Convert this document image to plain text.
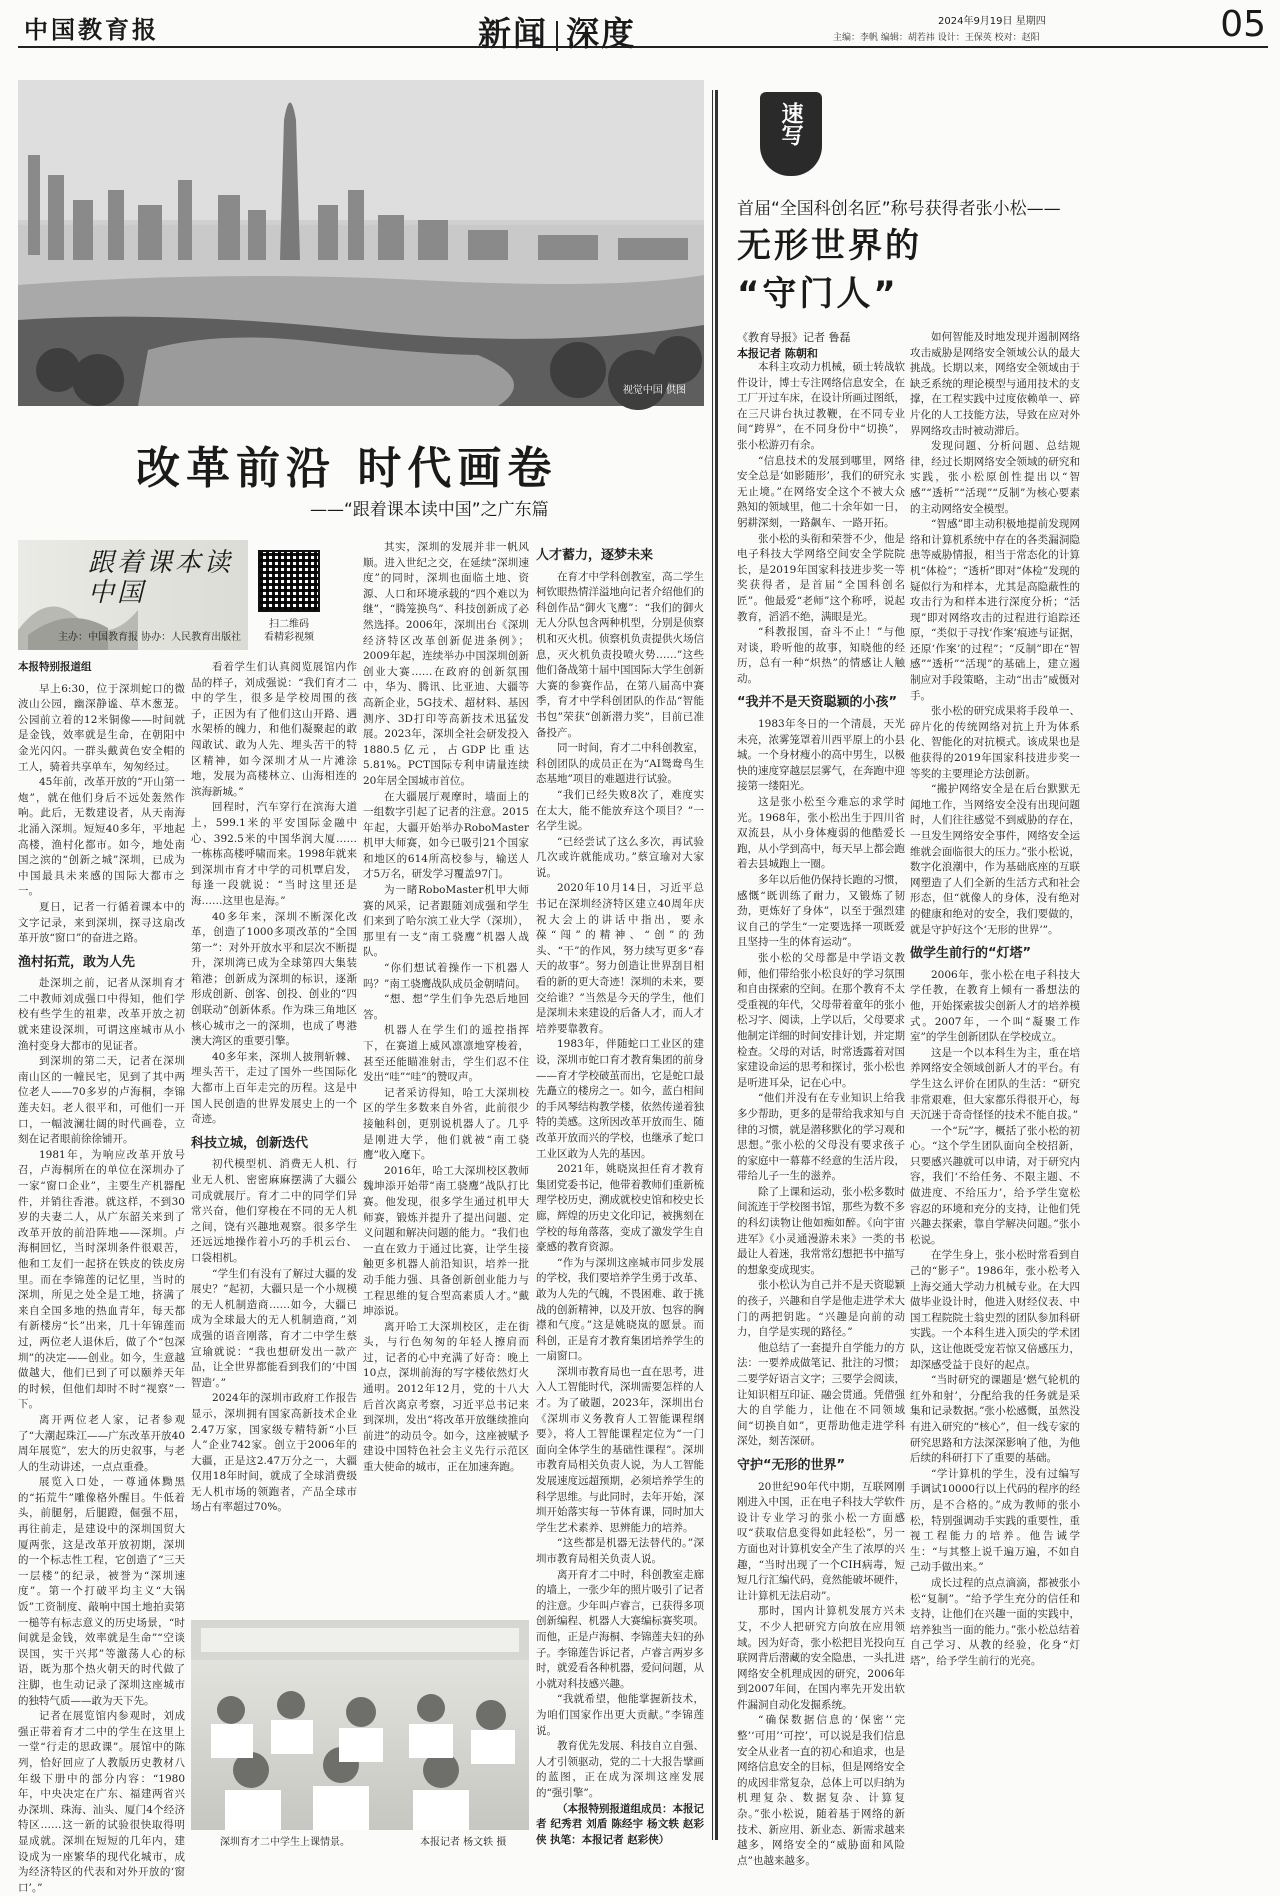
中国教育报	新闻 深度	2024年9月19日 星期四
主编：李帆 编辑：胡若祎 设计：王保英 校对：赵阳	05
视觉中国 供图
改革前沿 时代画卷
——“跟着课本读中国”之广东篇
跟着课本读中国
主办：中国教育报 协办：人民教育出版社
扫二维码 看精彩视频
本报特别报道组

早上6:30，位于深圳蛇口的微波山公园，幽深静谧、草木葱茏。公园前立着的12米铜像——时间就是金钱，效率就是生命，在朝阳中金光闪闪。一群头戴黄色安全帽的工人，骑着共享单车，匆匆经过。

45年前，改革开放的“开山第一炮”，就在他们身后不远处轰然作响。此后，无数建设者，从天南海北涌入深圳。短短40多年，平地起高楼，渔村化都市。如今，地处南国之滨的“创新之城”深圳，已成为中国最具未来感的国际大都市之一。

夏日，记者一行循着课本中的文字记录，来到深圳，探寻这扇改革开放“窗口”的奋进之路。

渔村拓荒，敢为人先

赴深圳之前，记者从深圳育才二中教师刘成强口中得知，他们学校有些学生的祖辈，改革开放之初就来建设深圳，可谓这座城市从小渔村变身大都市的见证者。

到深圳的第二天，记者在深圳南山区的一幢民宅，见到了其中两位老人——70多岁的卢海桐，李锦莲夫妇。老人很平和，可他们一开口，一幅波澜壮阔的时代画卷，立刻在记者眼前徐徐铺开。

1981年，为响应改革开放号召，卢海桐所在的单位在深圳办了一家“窗口企业”，主要生产机器配件，并销往香港。就这样，不到30岁的夫妻二人，从广东韶关来到了改革开放的前沿阵地——深圳。卢海桐回忆，当时深圳条件很艰苦，他和工友们一起挤在铁皮的铁皮房里。而在李锦莲的记忆里，当时的深圳，所见之处全是工地，挤满了来自全国多地的热血青年，每天都有新楼房“长”出来，几十年锦莲而过，两位老人退休后，做了个“包深圳”的决定——创业。如今，生意越做越大，他们已到了可以颐养天年的时候，但他们却时不时“视察”一下。

离开两位老人家，记者参观了“大潮起珠江——广东改革开放40周年展览”，宏大的历史叙事，与老人的生动讲述，一点点重叠。

展览入口处，一尊通体黝黑的“拓荒牛”雕像格外醒目。牛低着头，前腿躬，后腿蹬，倔强不屈，再往前走，是建设中的深圳国贸大厦两张，这是改革开放初期，深圳的一个标志性工程，它创造了“三天一层楼”的纪录，被誉为“深圳速度”。第一个打破平均主义“大锅饭”工资制度、敲响中国土地拍卖第一槌等有标志意义的历史场景，“时间就是金钱，效率就是生命”“空谈误国，实干兴邦”等激荡人心的标语，既为那个热火朝天的时代做了注脚，也生动记录了深圳这座城市的独特气质——敢为天下先。

记者在展览馆内参观时，刘成强正带着育才二中的学生在这里上一堂“行走的思政课”。展馆中的陈列，恰好回应了人教版历史教材八年级下册中的部分内容：“1980年，中央决定在广东、福建两省兴办深圳、珠海、汕头、厦门4个经济特区……这一新的试验很快取得明显成就。深圳在短短的几年内，建设成为一座繁华的现代化城市，成为经济特区的代表和对外开放的‘窗口’。”

看着学生们认真阅览展馆内作品的样子，刘成强说：“我们育才二中的学生，很多是学校周围的孩子，正因为有了他们这山开路、遇水架桥的魄力，和他们凝聚起的敢闯敢试、敢为人先、埋头苦干的特区精神，如今深圳才从一片滩涂地，发展为高楼林立、山海相连的滨海新城。”

回程时，汽车穿行在滨海大道上，599.1米的平安国际金融中心、392.5米的中国华润大厦……一栋栋高楼呼啸而来。1998年就来到深圳市育才中学的司机覃启发，每逢一段就说：“当时这里还是海……这里也是海。”

40多年来，深圳不断深化改革，创造了1000多项改革的“全国第一”：对外开放水平和层次不断提升，深圳湾已成为全球第四大集装箱港；创新成为深圳的标识，逐渐形成创新、创客、创投、创业的“四创联动”创新体系。作为珠三角地区核心城市之一的深圳，也成了粤港澳大湾区的重要引擎。

40多年来，深圳人披荆斩棘、埋头苦干，走过了国外一些国际化大都市上百年走完的历程。这是中国人民创造的世界发展史上的一个奇迹。

科技立城，创新迭代

初代模型机、消费无人机、行业无人机、密密麻麻摆满了大疆公司成就展厅。育才二中的同学们异常兴奋，他们穿梭在不同的无人机之间，饶有兴趣地观察。很多学生还远远地操作着小巧的手机云台、口袋相机。

“学生们有没有了解过大疆的发展史？”起初，大疆只是一个小规模的无人机制造商……如今，大疆已成为全球最大的无人机制造商，”刘成强的语音刚落，育才二中学生蔡宣瑜就说：“我也想研发出一款产品，让全世界都能看到我们的‘中国智造’。”

2024年的深圳市政府工作报告显示，深圳拥有国家高新技术企业2.47万家，国家级专精特新“小巨人”企业742家。创立于2006年的大疆，正是这2.47万分之一，大疆仅用18年时间，就成了全球消费级无人机市场的领跑者，产品全球市场占有率超过70%。

其实，深圳的发展并非一帆风顺。进入世纪之交，在延续“深圳速度”的同时，深圳也面临土地、资源、人口和环境承载的“四个难以为继”，“腾笼换鸟”、科技创新成了必然选择。2006年，深圳出台《深圳经济特区改革创新促进条例》；2009年起，连续举办中国深圳创新创业大赛……在政府的创新氛围中，华为、腾讯、比亚迪、大疆等高新企业，5G技术、超材料、基因测序、3D打印等高新技术迅猛发展。2023年，深圳全社会研发投入1880.5亿元，占GDP比重达5.81%。PCT国际专利申请量连续20年居全国城市首位。

在大疆展厅观摩时，墙面上的一组数字引起了记者的注意。2015年起，大疆开始举办RoboMaster机甲大师赛，如今已吸引21个国家和地区的614所高校参与，输送人才5万名，研发学习覆盖97门。

为一睹RoboMaster机甲大师赛的风采，记者跟随刘成强和学生们来到了哈尔滨工业大学（深圳），那里有一支“南工骁鹰”机器人战队。

“你们想试着操作一下机器人吗？”南工骁鹰战队成员金朝晴问。

“想、想”学生们争先恐后地回答。

机器人在学生们的遥控指挥下，在赛道上威风凛凛地穿梭着，甚至还能瞄准射击，学生们忍不住发出“哇”“哇”的赞叹声。

记者采访得知，哈工大深圳校区的学生多数来自外省，此前很少接触科创，更别说机器人了。几乎是刚进大学，他们就被“南工骁鹰”收入麾下。

2016年，哈工大深圳校区教师魏坤添开始带“南工骁鹰”战队打比赛。他发现，很多学生通过机甲大师赛，锻炼并提升了提出问题、定义问题和解决问题的能力。“我们也一直在致力于通过比赛，让学生接触更多机器人前沿知识，培养一批动手能力强、具备创新创业能力与工程思维的复合型高素质人才。”戴坤添说。

离开哈工大深圳校区，走在街头，与行色匆匆的年轻人擦肩而过，记者的心中充满了好奇：晚上10点，深圳前海的写字楼依然灯火通明。2012年12月，党的十八大后首次离京考察，习近平总书记来到深圳，发出“将改革开放继续推向前进”的动员令。如今，这座被赋予建设中国特色社会主义先行示范区重大使命的城市，正在加速奔跑。

人才蓄力，逐梦未来

在育才中学科创教室，高二学生柯钦眼热情洋溢地向记者介绍他们的科创作品“御火飞鹰”：“我们的御火无人分队包含两种机型，分别是侦察机和灭火机。侦察机负责提供火场信息，灭火机负责投喷火势……”这些他们备战第十届中国国际大学生创新大赛的参赛作品，在第八届高中赛季，育才中学科创团队的作品“智能书包”荣获“创新潜力奖”，目前已准备投产。

同一时间，育才二中科创教室，科创团队的成员正在为“AI鸳鸯鸟生态基地”项目的难题进行试验。

“我们已经失败8次了，难度实在太大，能不能放弃这个项目？”一名学生说。

“已经尝试了这么多次，再试验几次或许就能成功。”蔡宣瑜对大家说。

2020年10月14日，习近平总书记在深圳经济特区建立40周年庆祝大会上的讲话中指出，要永葆“闯”的精神、“创”的劲头、“干”的作风，努力续写更多“春天的故事”。努力创造让世界刮目相看的新的更大奇迹！深圳的未来，要交给谁？”当然是今天的学生，他们是深圳未来建设的后备人才，而人才培养要靠教育。

1983年，伴随蛇口工业区的建设，深圳市蛇口育才教育集团的前身——育才学校破茧而出，它是蛇口最先矗立的楼房之一。如今，蓝白相间的手风琴结构教学楼，依然传递着独特的美感。这所因改革开放而生、随改革开放而兴的学校，也继承了蛇口工业区敢为人先的基因。

2021年，姚晓岚担任育才教育集团党委书记，他带着教师们重新梳理学校历史，溯成就校史馆和校史长廊，辉煌的历史文化印记，被携刻在学校的每角落落，变成了激发学生自豪感的教育资源。

“作为与深圳这座城市同步发展的学校，我们要培养学生勇于改革、敢为人先的气魄，不畏困难、敢于挑战的创新精神，以及开放、包容的胸襟和气度。”这是姚晓岚的愿景。而科创，正是育才教育集团培养学生的一扇窗口。

深圳市教育局也一直在思考，进入人工智能时代，深圳需要怎样的人才。为了破题，2023年，深圳出台《深圳市义务教育人工智能课程纲要》，将人工智能课程定位为“一门面向全体学生的基础性课程”。深圳市教育局相关负责人说，为人工智能发展速度远超预期，必须培养学生的科学思维。与此同时，去年开始，深圳开始落实每一节体育课，同时加大学生艺术素养、思辨能力的培养。

“这些都是机器无法替代的。”深圳市教育局相关负责人说。

离开育才二中时，科创教室走廊的墙上，一张少年的照片吸引了记者的注意。少年叫卢睿言，已获得多项创新编程、机器人大赛编标赛奖项。而他，正是卢海桐、李锦莲夫妇的孙子。李锦莲告诉记者，卢睿言两岁多时，就爱看各种机器，爱问问题，从小就对科技感兴趣。

“我就希望，他能掌握新技术，为咱们国家作出更大贡献。”李锦莲说。

教育优先发展、科技自立自强、人才引领驱动，党的二十大报告擘画的蓝图，正在成为深圳这座发展的“强引擎”。

（本报特别报道组成员：本报记者 纪秀君 刘盾 陈经宇 杨文轶 赵彩侠 执笔：本报记者 赵彩侠）

深圳育才二中学生上课情景。	本报记者 杨文轶 摄
速写
首届“全国科创名匠”称号获得者张小松——
无形世界的
“守门人”
《教育导报》记者 鲁磊
本报记者 陈朝和

本科主攻动力机械，硕士转战软件设计，博士专注网络信息安全，在工厂开过车床，在设计所画过图纸，在三尺讲台执过教鞭，在不同专业间“跨界”，在不同身份中“切换”，张小松游刃有余。

“信息技术的发展到哪里，网络安全总是‘如影随形’，我们的研究永无止境。”在网络安全这个不被大众熟知的领域里，他二十余年如一日，躬耕深刻，一路飙车、一路开拓。

张小松的头衔和荣誉不少，他是电子科技大学网络空间安全学院院长，是2019年国家科技进步奖一等奖获得者，是首届“全国科创名匠”。他最爱“老师”这个称呼，说起教育，滔滔不绝，满眼是光。

“科教报国，奋斗不止！”与他对谈，聆听他的故事，知晓他的经历，总有一种“炽热”的情感让人触动。

“我并不是天资聪颖的小孩”

1983年冬日的一个清晨，天光未亮，浓雾笼罩着川西平原上的小县城。一个身材瘦小的高中男生，以极快的速度穿越层层雾气，在奔跑中迎接第一缕阳光。

这是张小松至今难忘的求学时光。1968年，张小松出生于四川省双流县，从小身体瘦弱的他酷爱长跑，从小学到高中，每天早上都会跑着去县城跑上一圈。

多年以后他仍保持长跑的习惯，感慨“既训练了耐力，又锻炼了韧劲，更炼好了身体”，以至于强烈建议自己的学生“一定要选择一项既爱且坚持一生的体育运动”。

张小松的父母都是中学语文教师，他们带给张小松良好的学习氛围和自由探索的空间。在那个教育不太受重视的年代，父母带着童年的张小松习字、阅读，上学以后，父母要求他制定详细的时间安排计划，并定期检查。父母的对话，时常透露着对国家建设命运的思考和探讨，张小松也是听进耳朵，记在心中。

“他们并没有在专业知识上给我多少帮助，更多的是带给我求知与自律的习惯，就是潜移默化的学习观和思想。”张小松的父母没有要求孩子的家庭中一幕幕不经意的生活片段，带给儿子一生的滋养。

除了上课和运动，张小松多数时间流连于学校图书馆，那些为数不多的科幻读物让他如痴如醉。《向宇宙进军》《小灵通漫游未来》一类的书最让人着迷，我常常幻想把书中描写的想象变成现实。

张小松认为自己并不是天资聪颖的孩子，兴趣和自学是他走进学术大门的两把钥匙。“兴趣是向前的动力，自学是实现的路径。”

他总结了一套提升自学能力的方法：一要养成做笔记、批注的习惯；二要学好语言文字；三要学会阅读，让知识相互印证、融会贯通。凭借强大的自学能力，让他在不同领域间“切换自如”，更帮助他走进学科深处，刻苦深研。

守护“无形的世界”

20世纪90年代中期，互联网刚刚进入中国，正在电子科技大学软件设计专业学习的张小松一方面感叹“获取信息变得如此轻松”，另一方面也对计算机安全产生了浓厚的兴趣，“当时出现了一个CIH病毒，短短几行汇编代码，竟然能破坏硬件，让计算机无法启动”。

那时，国内计算机发展方兴未艾，不少人把研究方向放在应用领域。因为好奇，张小松把目光投向互联网背后潜藏的安全隐患，一头扎进网络安全机理成因的研究，2006年到2007年间，在国内率先开发出软件漏洞自动化发掘系统。

“确保数据信息的‘保密’‘完整’‘可用’‘可控’，可以说是我们信息安全从业者一直的初心和追求，也是网络信息安全的目标，但是网络安全的成因非常复杂，总体上可以归纳为机理复杂、数据复杂、计算复杂。”张小松说，随着基于网络的新技术、新应用、新业态、新需求越来越多，网络安全的“威胁面和风险点”也越来越多。

如何智能及时地发现并遏制网络攻击威胁是网络安全领域公认的最大挑战。长期以来，网络安全领域由于缺乏系统的理论模型与通用技术的支撑，在工程实践中过度依赖单一、碎片化的人工技能方法，导致在应对外界网络攻击时被动滞后。

发现问题、分析问题、总结规律，经过长期网络安全领域的研究和实践，张小松原创性提出以“智感”“透析”“活现”“反制”为核心要素的主动网络安全模型。

“智感”即主动积极地提前发现网络和计算机系统中存在的各类漏洞隐患等威胁情报，相当于常态化的计算机“体检”；“透析”即对“体检”发现的疑似行为和样本，尤其是高隐蔽性的攻击行为和样本进行深度分析；“活现”即对网络攻击的过程进行追踪还原，“类似于寻找‘作案’痕迹与证据，还原‘作案’的过程”；“反制”即在“智感”“透析”“活现”的基础上，建立遏制应对手段策略，主动“出击”威慑对手。

张小松的研究成果将手段单一、碎片化的传统网络对抗上升为体系化、智能化的对抗模式。该成果也是他获得的2019年国家科技进步奖一等奖的主要理论方法创新。

“搬护网络安全是在后台默默无闻地工作，当网络安全没有出现问题时，人们往往感觉不到威胁的存在，一旦发生网络安全事件，网络安全运维就会面临很大的压力。”张小松说，数字化浪潮中，作为基础底座的互联网塑造了人们全新的生活方式和社会形态，但“就像人的身体，没有绝对的健康和绝对的安全，我们要做的，就是守护好这个‘无形的世界’”。

做学生前行的“灯塔”

2006年，张小松在电子科技大学任教，在教育上倾有一番想法的他，开始探索拔尖创新人才的培养模式。2007年，一个叫“凝聚工作室”的学生创新团队在学校成立。

这是一个以本科生为主，重在培养网络安全领域创新人才的平台。有学生这么评价在团队的生活：“研究非常艰难，但大家都乐得很开心，每天沉迷于奇奇怪怪的技术不能自拔。”

一个“玩”字，概括了张小松的初心。“这个学生团队面向全校招新，只要感兴趣就可以申请，对于研究内容，我们‘不给任务、不限主题、不做进度、不给压力’，给予学生宽松容忍的环境和充分的支持，让他们凭兴趣去探索，靠自学解决问题。”张小松说。

在学生身上，张小松时常看到自己的“影子”。1986年，张小松考入上海交通大学动力机械专业。在大四做毕业设计时，他进入财经仪表、中国工程院院士翁史烈的团队参加科研实践。一个本科生进入顶尖的学术团队，这让他既受宠若惊又倍感压力，却深感受益于良好的起点。

“当时研究的课题是‘燃气轮机的红外和射’，分配给我的任务就是采集和记录数据。”张小松感慨，虽然没有进入研究的“核心”，但一线专家的研究思路和方法深深影响了他，为他后续的科研打下了重要的基础。

“学计算机的学生，没有过编写手调试10000行以上代码的程序的经历，是不合格的。”成为教师的张小松，特别强调动手实践的重要性，重视工程能力的培养。他告诫学生：“与其整上说千遍万遍，不如自己动手做出来。”

成长过程的点点滴滴，都被张小松“复制”。“给予学生充分的信任和支持，让他们在兴趣一面的实践中，培养独当一面的能力。”张小松总结着自己学习、从教的经验，化身“灯塔”，给予学生前行的光亮。
